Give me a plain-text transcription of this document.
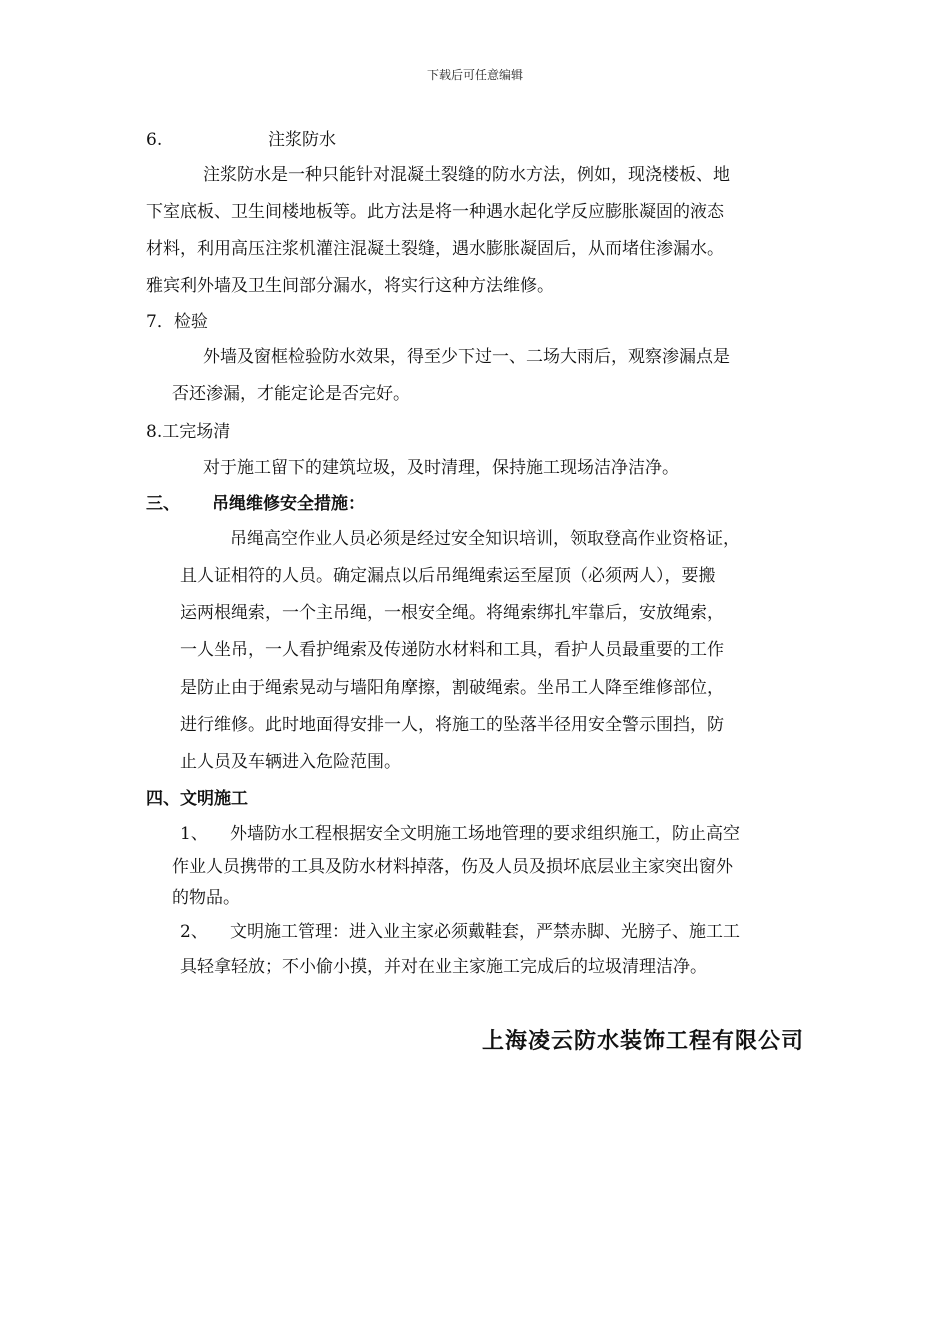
下载后可任意编辑
6.	注浆防水
注浆防水是一种只能针对混凝土裂缝的防水方法，例如，现浇楼板、地
下室底板、卫生间楼地板等。此方法是将一种遇水起化学反应膨胀凝固的液态
材料，利用高压注浆机灌注混凝土裂缝，遇水膨胀凝固后，从而堵住渗漏水。
雅宾利外墙及卫生间部分漏水，将实行这种方法维修。
7．检验
外墙及窗框检验防水效果，得至少下过一、二场大雨后，观察渗漏点是
否还渗漏，才能定论是否完好。
8.工完场清
对于施工留下的建筑垃圾，及时清理，保持施工现场洁净洁净。
三、 吊绳维修安全措施：
吊绳高空作业人员必须是经过安全知识培训，领取登高作业资格证，
且人证相符的人员。确定漏点以后吊绳绳索运至屋顶（必须两人），要搬
运两根绳索，一个主吊绳，一根安全绳。将绳索绑扎牢靠后，安放绳索，
一人坐吊，一人看护绳索及传递防水材料和工具，看护人员最重要的工作
是防止由于绳索晃动与墙阳角摩擦，割破绳索。坐吊工人降至维修部位，
进行维修。此时地面得安排一人，将施工的坠落半径用安全警示围挡，防
止人员及车辆进入危险范围。
四、文明施工
1、 外墙防水工程根据安全文明施工场地管理的要求组织施工，防止高空
作业人员携带的工具及防水材料掉落，伤及人员及损坏底层业主家突出窗外
的物品。
2、 文明施工管理：进入业主家必须戴鞋套，严禁赤脚、光膀子、施工工
具轻拿轻放；不小偷小摸，并对在业主家施工完成后的垃圾清理洁净。
上海凌云防水装饰工程有限公司
